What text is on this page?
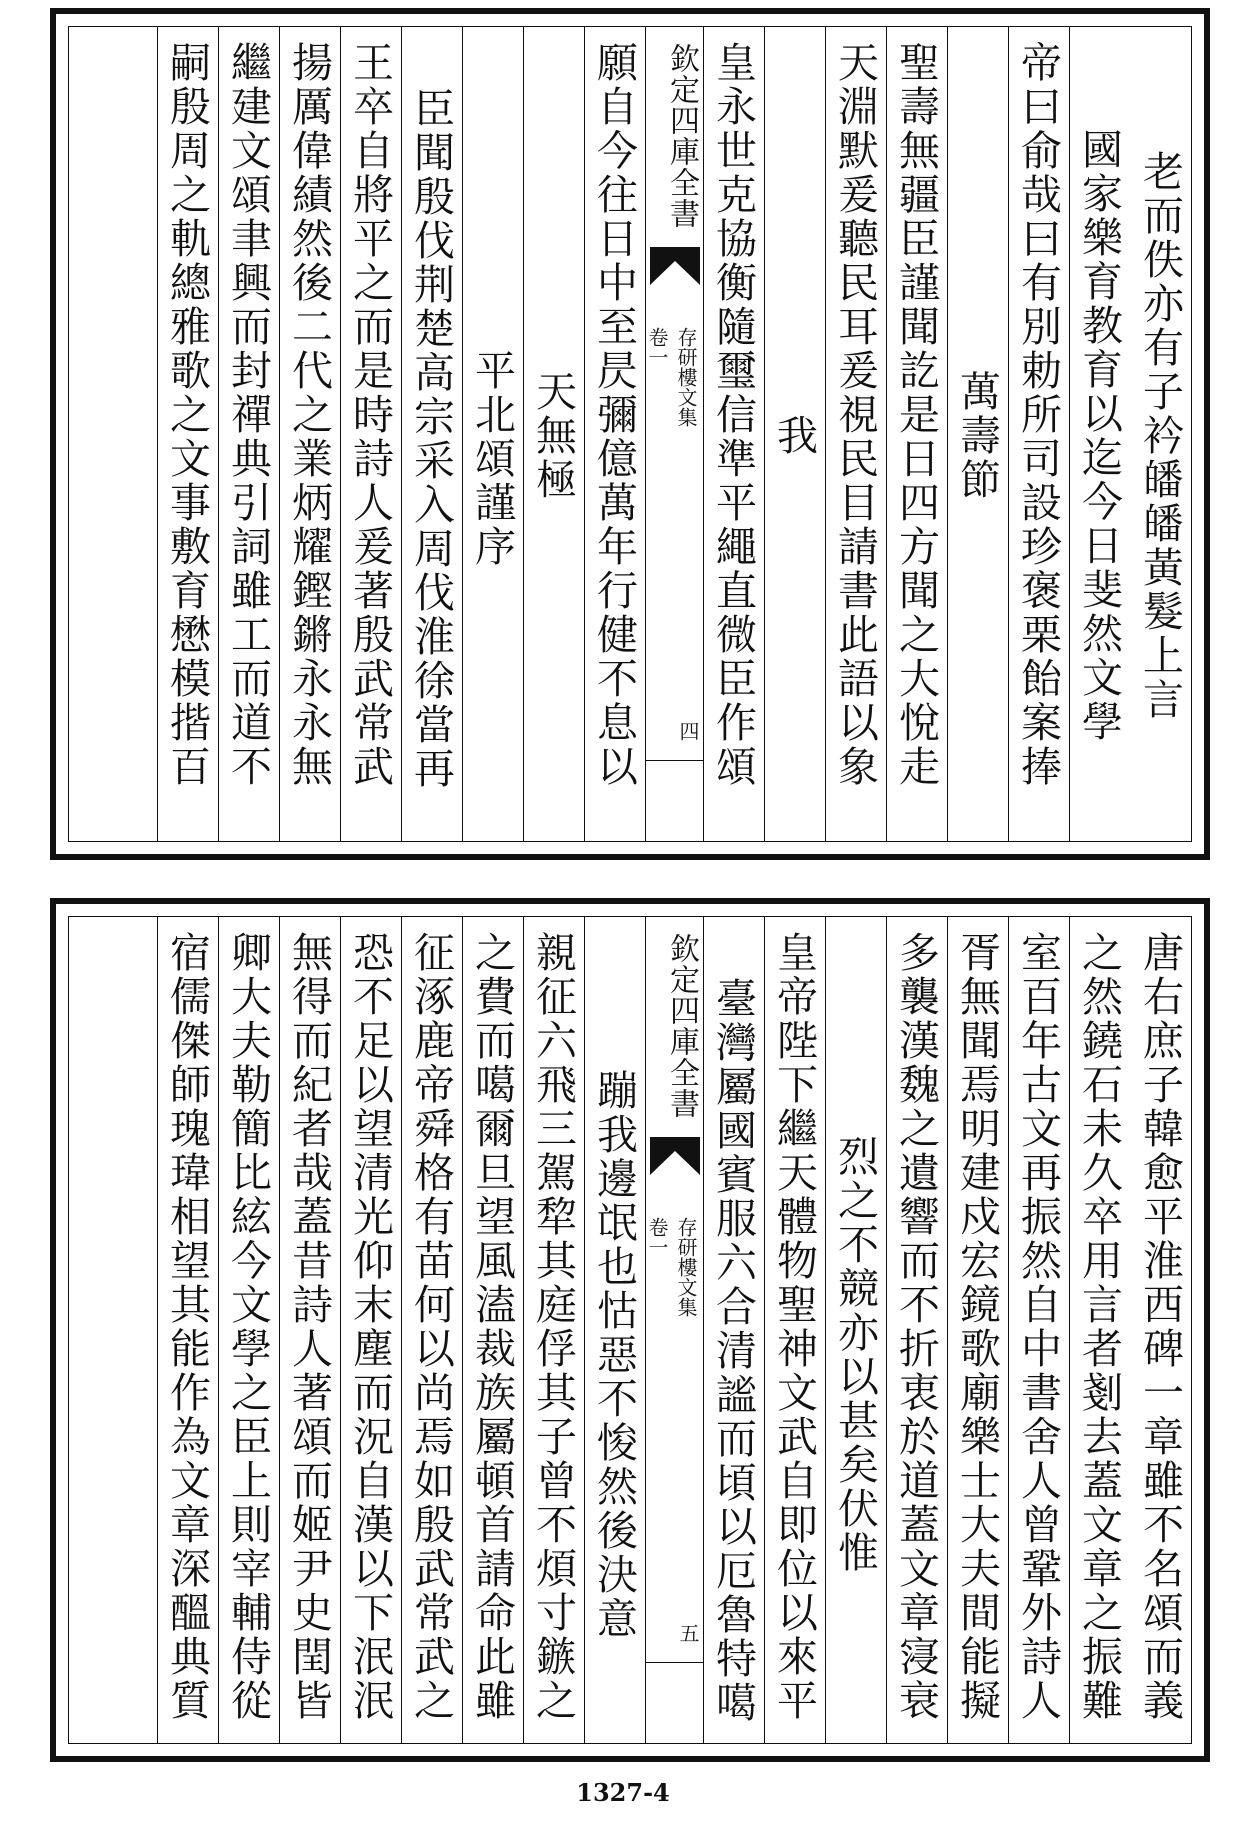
老而佚亦有子衿皤皤黃髮上言
國家樂育教育以迄今日斐然文學
帝曰俞哉曰有別勅所司設珍褒栗飴案捧
萬壽節
聖壽無疆臣謹聞訖是日四方聞之大悅走
天淵默爰聽民耳爰視民目請書此語以象
我
皇永世克協衡隨璽信準平繩直微臣作頌
欽定四庫全書
存研樓文集
卷一
四
願自今往日中至昃彌億萬年行健不息以
天無極
平北頌謹序
臣聞殷伐荆楚高宗采入周伐淮徐當再
王卒自將平之而是時詩人爰著殷武常武
揚厲偉績然後二代之業炳耀鏗鏘永永無
繼建文頌聿興而封禪典引詞雖工而道不
嗣殷周之軌總雅歌之文事敷育懋模揩百
唐右庶子韓愈平淮西碑一章雖不名頌而義
之然鐃石未久卒用言者剗去蓋文章之振難
室百年古文再振然自中書舍人曾鞏外詩人
胥無聞焉明建戍宏鏡歌廟樂士大夫間能擬
多襲漢魏之遺響而不折衷於道蓋文章寖衰
烈之不競亦以甚矣伏惟
皇帝陛下繼天體物聖神文武自即位以來平
臺灣屬國賓服六合清謐而頃以厄魯特噶
欽定四庫全書
存研樓文集
卷一
五
蹦我邊氓也怙惡不悛然後決意
親征六飛三駕犂其庭俘其子曾不煩寸鏃之
之費而噶爾旦望風溘裁族屬頓首請命此雖
征涿鹿帝舜格有苗何以尚焉如殷武常武之
恐不足以望清光仰末塵而況自漢以下泯泯
無得而紀者哉蓋昔詩人著頌而姬尹史閏皆
卿大夫勒簡比絃今文學之臣上則宰輔侍從
宿儒傑師瑰瑋相望其能作為文章深醞典質
1327-4
